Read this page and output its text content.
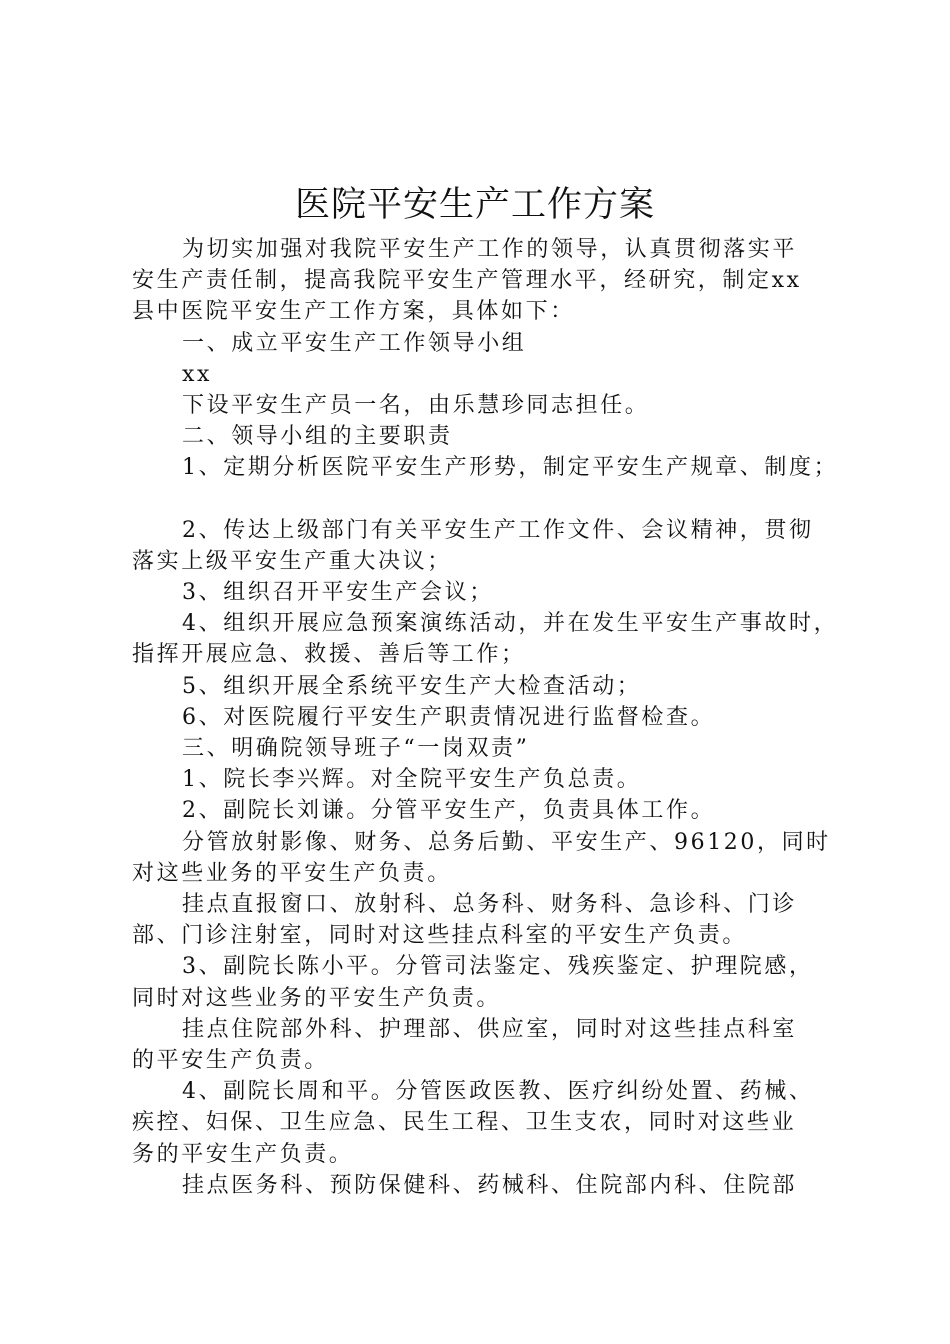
医院平安生产工作方案

为切实加强对我院平安生产工作的领导，认真贯彻落实平

安生产责任制，提高我院平安生产管理水平，经研究，制定xx

县中医院平安生产工作方案，具体如下：

一、成立平安生产工作领导小组

xx

下设平安生产员一名，由乐慧珍同志担任。

二、领导小组的主要职责

1、定期分析医院平安生产形势，制定平安生产规章、制度；

2、传达上级部门有关平安生产工作文件、会议精神，贯彻

落实上级平安生产重大决议；

3、组织召开平安生产会议；

4、组织开展应急预案演练活动，并在发生平安生产事故时，

指挥开展应急、救援、善后等工作；

5、组织开展全系统平安生产大检查活动；

6、对医院履行平安生产职责情况进行监督检查。

三、明确院领导班子“一岗双责”

1、院长李兴辉。对全院平安生产负总责。

2、副院长刘谦。分管平安生产，负责具体工作。

分管放射影像、财务、总务后勤、平安生产、96120，同时

对这些业务的平安生产负责。

挂点直报窗口、放射科、总务科、财务科、急诊科、门诊

部、门诊注射室，同时对这些挂点科室的平安生产负责。

3、副院长陈小平。分管司法鉴定、残疾鉴定、护理院感，

同时对这些业务的平安生产负责。

挂点住院部外科、护理部、供应室，同时对这些挂点科室

的平安生产负责。

4、副院长周和平。分管医政医教、医疗纠纷处置、药械、

疾控、妇保、卫生应急、民生工程、卫生支农，同时对这些业

务的平安生产负责。

挂点医务科、预防保健科、药械科、住院部内科、住院部
